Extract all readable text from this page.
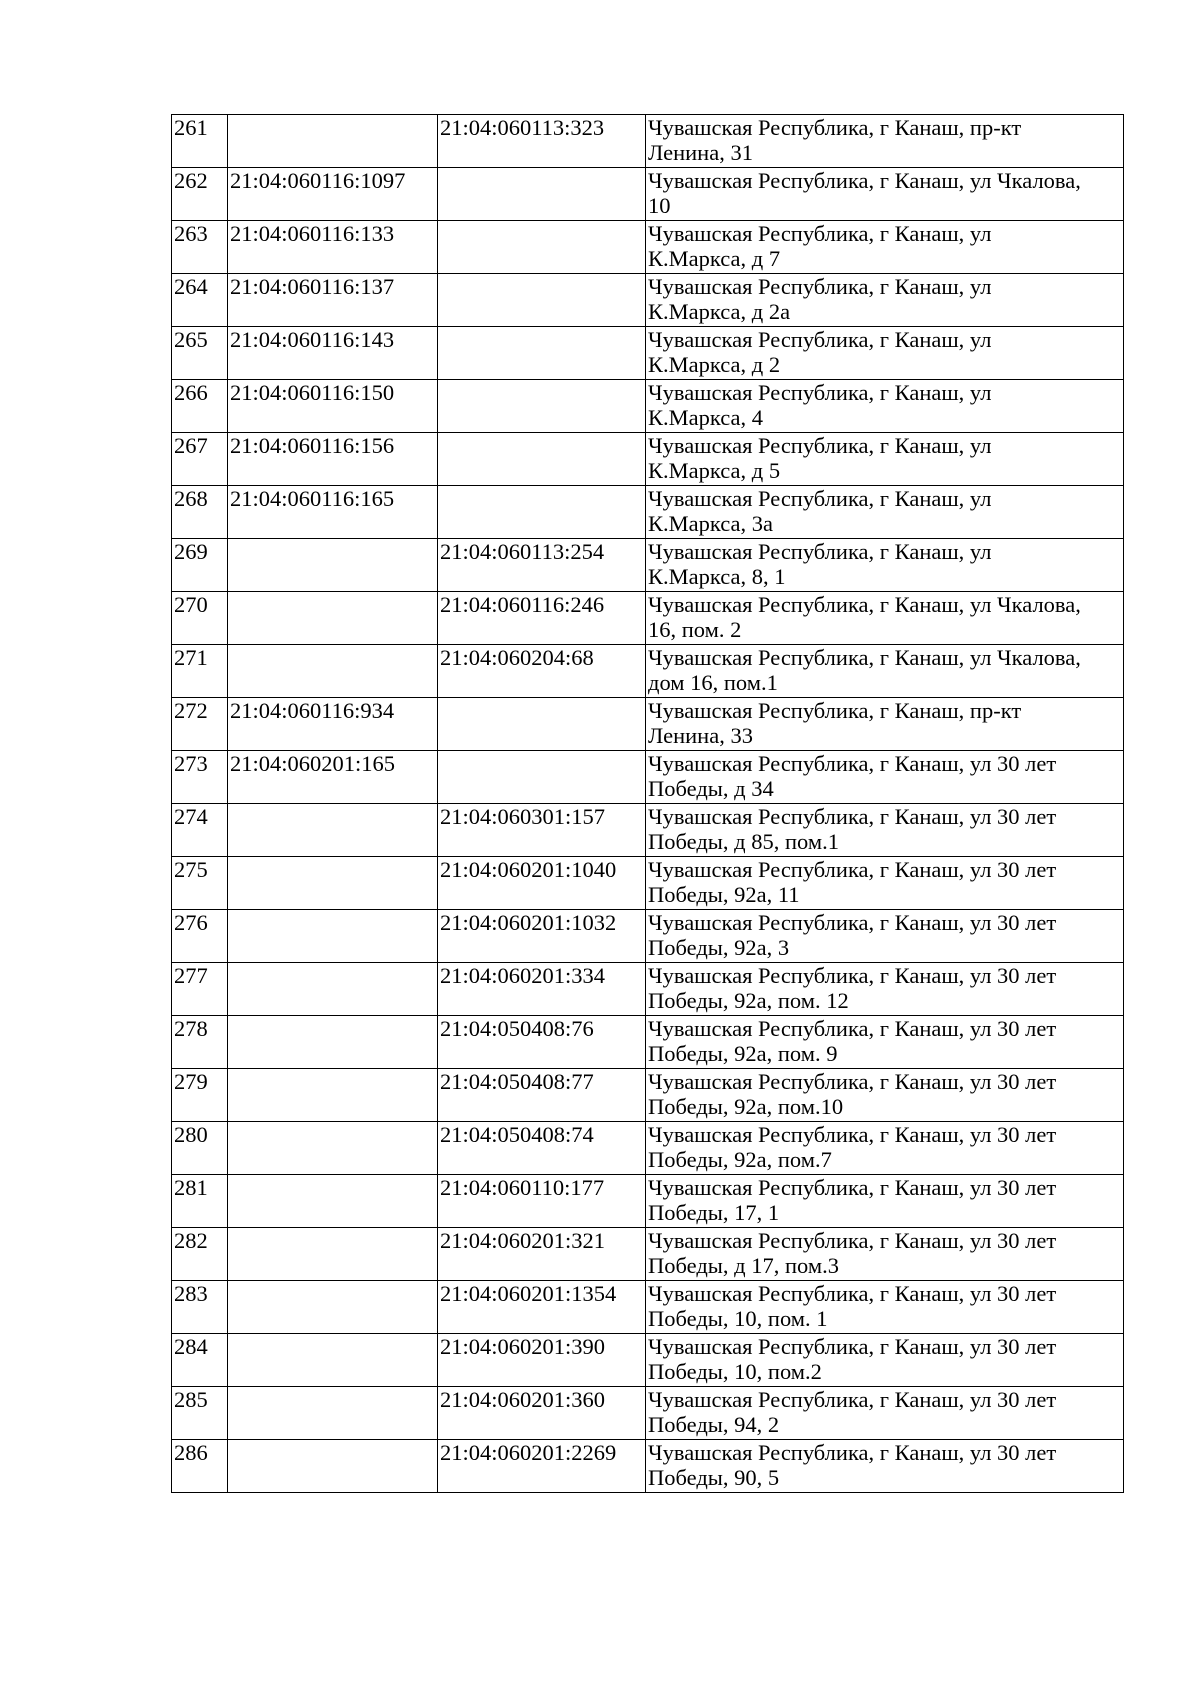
261		21:04:060113:323	Чувашская Республика, г Канаш, пр-кт
Ленина, 31
262	21:04:060116:1097		Чувашская Республика, г Канаш, ул Чкалова,
10
263	21:04:060116:133		Чувашская Республика, г Канаш, ул
К.Маркса, д 7
264	21:04:060116:137		Чувашская Республика, г Канаш, ул
К.Маркса, д 2а
265	21:04:060116:143		Чувашская Республика, г Канаш, ул
К.Маркса, д 2
266	21:04:060116:150		Чувашская Республика, г Канаш, ул
К.Маркса, 4
267	21:04:060116:156		Чувашская Республика, г Канаш, ул
К.Маркса, д 5
268	21:04:060116:165		Чувашская Республика, г Канаш, ул
К.Маркса, 3а
269		21:04:060113:254	Чувашская Республика, г Канаш, ул
К.Маркса, 8, 1
270		21:04:060116:246	Чувашская Республика, г Канаш, ул Чкалова,
16, пом. 2
271		21:04:060204:68	Чувашская Республика, г Канаш, ул Чкалова,
дом 16, пом.1
272	21:04:060116:934		Чувашская Республика, г Канаш, пр-кт
Ленина, 33
273	21:04:060201:165		Чувашская Республика, г Канаш, ул 30 лет
Победы, д 34
274		21:04:060301:157	Чувашская Республика, г Канаш, ул 30 лет
Победы, д 85, пом.1
275		21:04:060201:1040	Чувашская Республика, г Канаш, ул 30 лет
Победы, 92а, 11
276		21:04:060201:1032	Чувашская Республика, г Канаш, ул 30 лет
Победы, 92а, 3
277		21:04:060201:334	Чувашская Республика, г Канаш, ул 30 лет
Победы, 92а, пом. 12
278		21:04:050408:76	Чувашская Республика, г Канаш, ул 30 лет
Победы, 92а, пом. 9
279		21:04:050408:77	Чувашская Республика, г Канаш, ул 30 лет
Победы, 92а, пом.10
280		21:04:050408:74	Чувашская Республика, г Канаш, ул 30 лет
Победы, 92а, пом.7
281		21:04:060110:177	Чувашская Республика, г Канаш, ул 30 лет
Победы, 17, 1
282		21:04:060201:321	Чувашская Республика, г Канаш, ул 30 лет
Победы, д 17, пом.3
283		21:04:060201:1354	Чувашская Республика, г Канаш, ул 30 лет
Победы, 10, пом. 1
284		21:04:060201:390	Чувашская Республика, г Канаш, ул 30 лет
Победы, 10, пом.2
285		21:04:060201:360	Чувашская Республика, г Канаш, ул 30 лет
Победы, 94, 2
286		21:04:060201:2269	Чувашская Республика, г Канаш, ул 30 лет
Победы, 90, 5
